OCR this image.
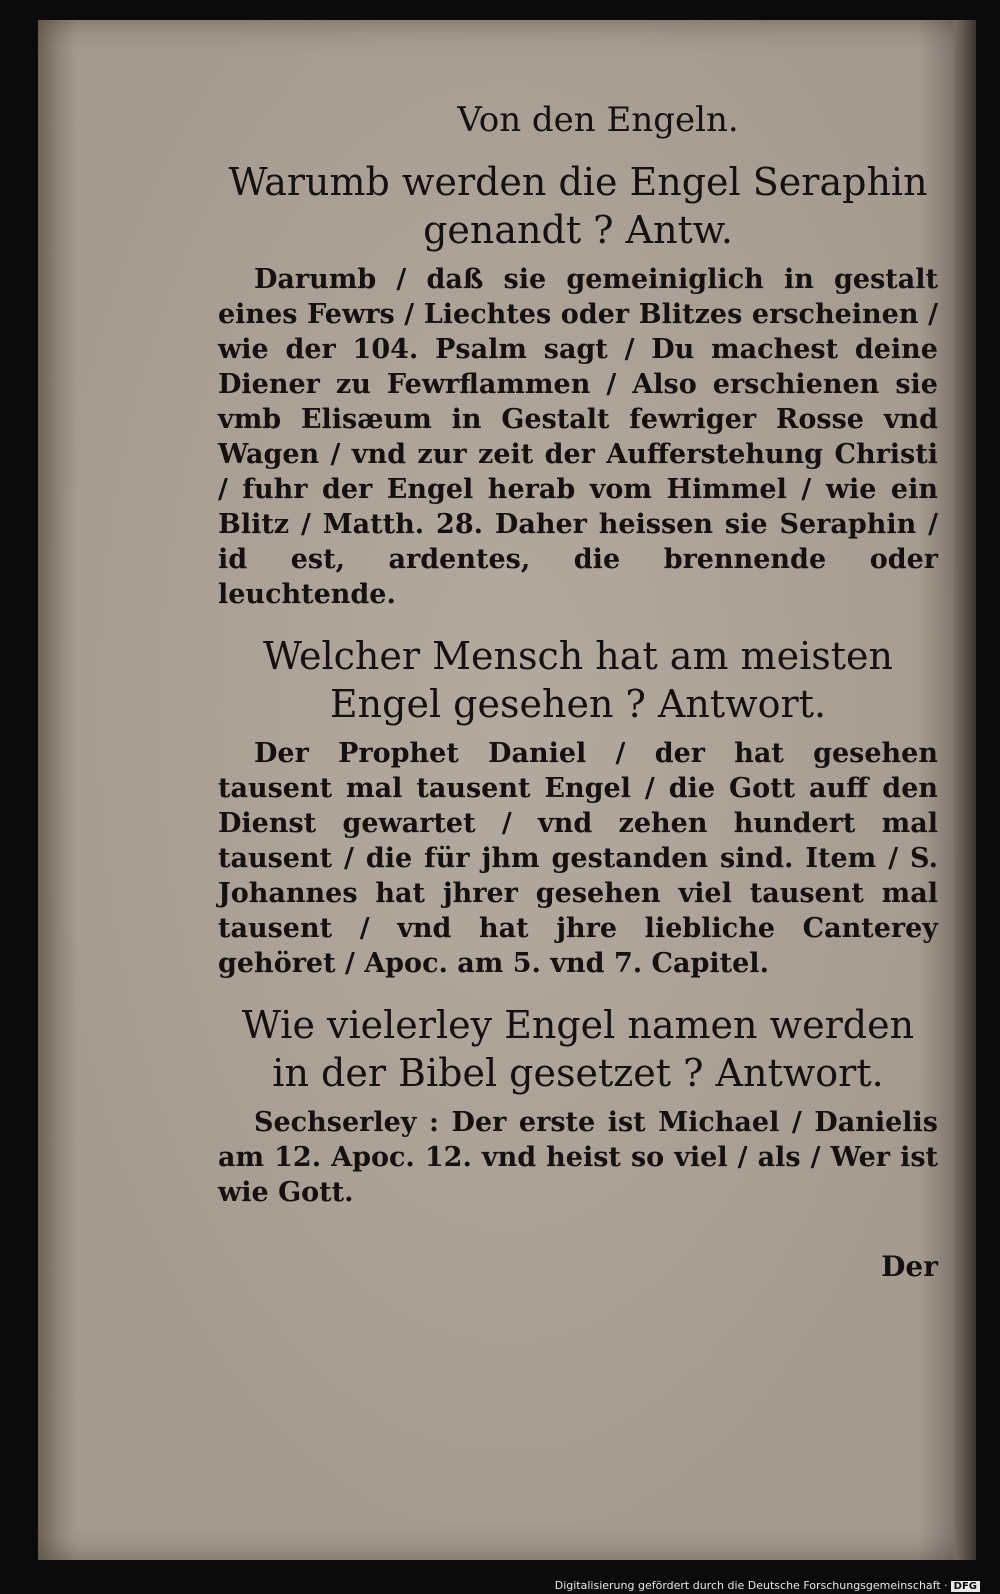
Von den Engeln.
Warumb werden die Engel Seraphin genandt ? Antw.
Darumb / daß sie gemeiniglich in gestalt eines Fewrs / Liechtes oder Blitzes erscheinen / wie der 104. Psalm sagt / Du machest deine Diener zu Fewrflammen / Also erschienen sie vmb Elisæum in Gestalt fewriger Rosse vnd Wagen / vnd zur zeit der Aufferstehung Christi / fuhr der Engel herab vom Himmel / wie ein Blitz / Matth. 28. Daher heissen sie Seraphin / id est, ardentes, die brennende oder leuchtende.
Welcher Mensch hat am meisten Engel gesehen ? Antwort.
Der Prophet Daniel / der hat gesehen tausent mal tausent Engel / die Gott auff den Dienst gewartet / vnd zehen hundert mal tausent / die für jhm gestanden sind. Item / S. Johannes hat jhrer gesehen viel tausent mal tausent / vnd hat jhre liebliche Canterey gehöret / Apoc. am 5. vnd 7. Capitel.
Wie vielerley Engel namen werden in der Bibel gesetzet ? Antwort.
Sechserley : Der erste ist Michael / Danielis am 12. Apoc. 12. vnd heist so viel / als / Wer ist wie Gott.
Der
Digitalisierung gefördert durch die Deutsche Forschungsgemeinschaft · DFG
